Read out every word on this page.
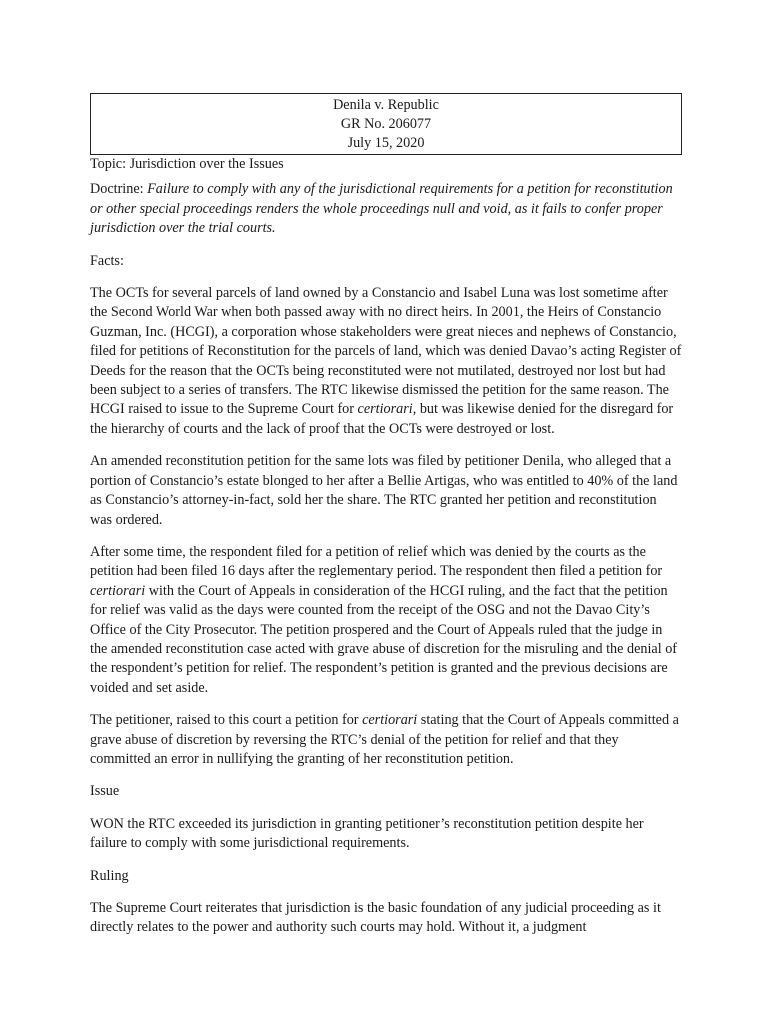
Denila v. Republic
GR No. 206077
July 15, 2020
Topic: Jurisdiction over the Issues

Doctrine: Failure to comply with any of the jurisdictional requirements for a petition for reconstitution or other special proceedings renders the whole proceedings null and void, as it fails to confer proper jurisdiction over the trial courts.

Facts:

The OCTs for several parcels of land owned by a Constancio and Isabel Luna was lost sometime after the Second World War when both passed away with no direct heirs. In 2001, the Heirs of Constancio Guzman, Inc. (HCGI), a corporation whose stakeholders were great nieces and nephews of Constancio, filed for petitions of Reconstitution for the parcels of land, which was denied Davao’s acting Register of Deeds for the reason that the OCTs being reconstituted were not mutilated, destroyed nor lost but had been subject to a series of transfers. The RTC likewise dismissed the petition for the same reason. The HCGI raised to issue to the Supreme Court for certiorari, but was likewise denied for the disregard for the hierarchy of courts and the lack of proof that the OCTs were destroyed or lost.

An amended reconstitution petition for the same lots was filed by petitioner Denila, who alleged that a portion of Constancio’s estate blonged to her after a Bellie Artigas, who was entitled to 40% of the land as Constancio’s attorney-in-fact, sold her the share. The RTC granted her petition and reconstitution was ordered.

After some time, the respondent filed for a petition of relief which was denied by the courts as the petition had been filed 16 days after the reglementary period. The respondent then filed a petition for certiorari with the Court of Appeals in consideration of the HCGI ruling, and the fact that the petition for relief was valid as the days were counted from the receipt of the OSG and not the Davao City’s Office of the City Prosecutor. The petition prospered and the Court of Appeals ruled that the judge in the amended reconstitution case acted with grave abuse of discretion for the misruling and the denial of the respondent’s petition for relief. The respondent’s petition is granted and the previous decisions are voided and set aside.

The petitioner, raised to this court a petition for certiorari stating that the Court of Appeals committed a grave abuse of discretion by reversing the RTC’s denial of the petition for relief and that they committed an error in nullifying the granting of her reconstitution petition.

Issue

WON the RTC exceeded its jurisdiction in granting petitioner’s reconstitution petition despite her failure to comply with some jurisdictional requirements.

Ruling

The Supreme Court reiterates that jurisdiction is the basic foundation of any judicial proceeding as it directly relates to the power and authority such courts may hold. Without it, a judgment
